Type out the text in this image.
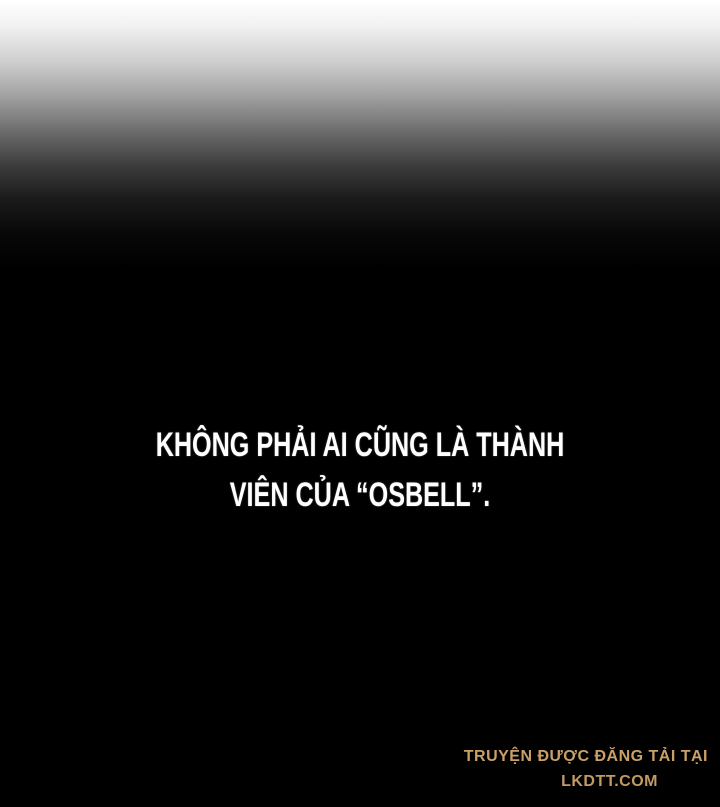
KHÔNG PHẢI AI CŨNG LÀ THÀNH
VIÊN CỦA “OSBELL”.
TRUYỆN ĐƯỢC ĐĂNG TẢI TẠI
LKDTT.COM
